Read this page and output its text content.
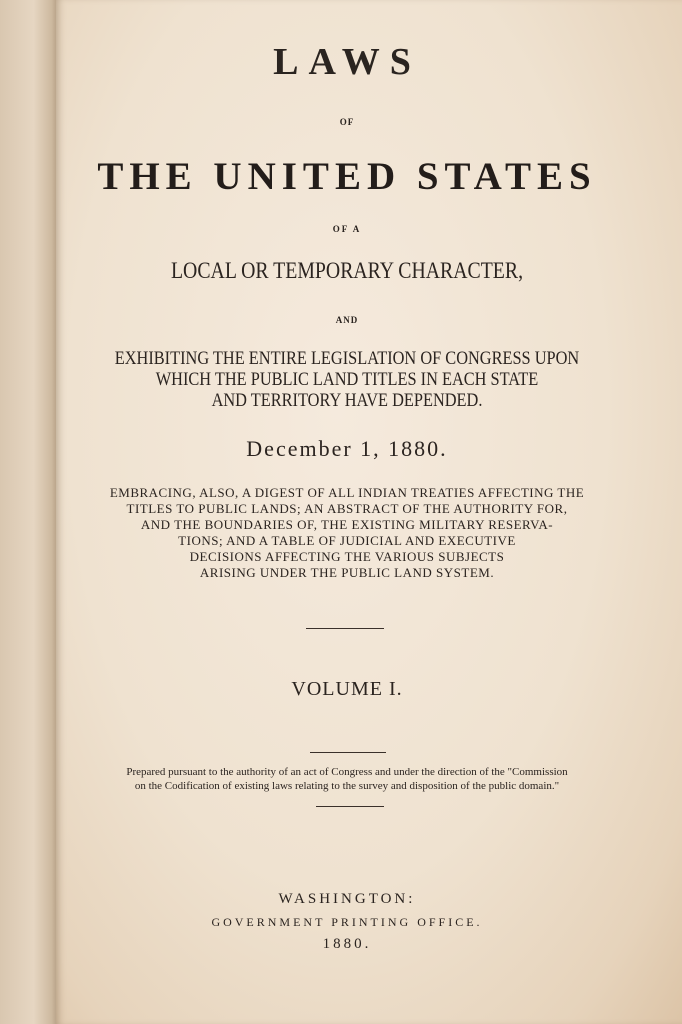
LAWS
OF
THE UNITED STATES
OF A
LOCAL OR TEMPORARY CHARACTER,
AND
EXHIBITING THE ENTIRE LEGISLATION OF CONGRESS UPON
WHICH THE PUBLIC LAND TITLES IN EACH STATE
AND TERRITORY HAVE DEPENDED.
December 1, 1880.
EMBRACING, ALSO, A DIGEST OF ALL INDIAN TREATIES AFFECTING THE
TITLES TO PUBLIC LANDS; AN ABSTRACT OF THE AUTHORITY FOR,
AND THE BOUNDARIES OF, THE EXISTING MILITARY RESERVA-
TIONS; AND A TABLE OF JUDICIAL AND EXECUTIVE
DECISIONS AFFECTING THE VARIOUS SUBJECTS
ARISING UNDER THE PUBLIC LAND SYSTEM.
VOLUME I.
Prepared pursuant to the authority of an act of Congress and under the direction of the "Commission
on the Codification of existing laws relating to the survey and disposition of the public domain."
WASHINGTON:
GOVERNMENT PRINTING OFFICE.
1880.
